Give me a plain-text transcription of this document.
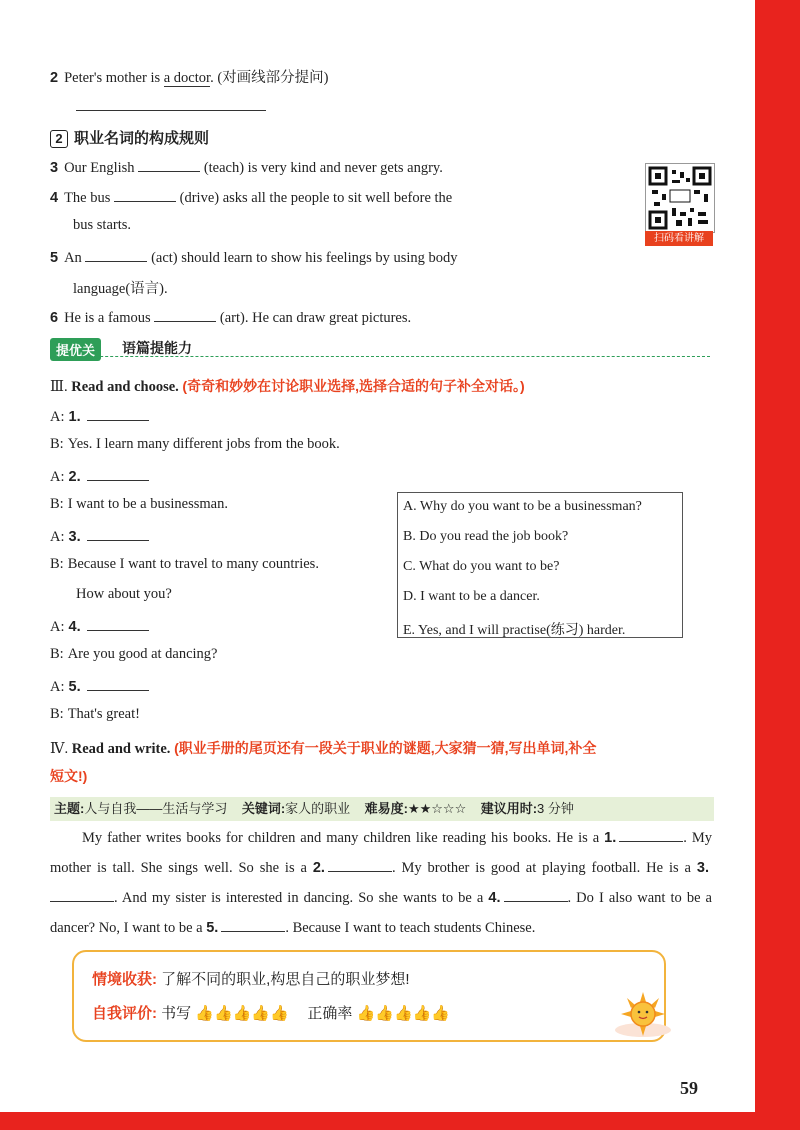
2 Peter's mother is a doctor. (对画线部分提问)
2 职业名词的构成规则
3 Our English	(teach) is very kind and never gets angry.
4 The bus	(drive) asks all the people to sit well before the
bus starts.
5 An	(act) should learn to show his feelings by using body
language(语言).
6 He is a famous	(art). He can draw great pictures.
扫码看讲解
提优关	语篇提能力
Ⅲ. Read and choose. (奇奇和妙妙在讨论职业选择,选择合适的句子补全对话。)
A: 1.
B: Yes. I learn many different jobs from the book.
A: 2.
B: I want to be a businessman.
A: 3.
B: Because I want to travel to many countries.
How about you?
A: 4.
B: Are you good at dancing?
A: 5.
B: That's great!
A. Why do you want to be a businessman?
B. Do you read the job book?
C. What do you want to be?
D. I want to be a dancer.
E. Yes, and I will practise(练习) harder.
Ⅳ. Read and write. (职业手册的尾页还有一段关于职业的谜题,大家猜一猜,写出单词,补全
短文!)
主题:人与自我——生活与学习 关键词:家人的职业 难易度:★★☆☆☆ 建议用时:3 分钟
My father writes books for children and many children like reading his books. He is a 1.	. My mother is tall. She sings well. So she is a 2.	. My brother is good at playing football. He is a 3.. And my sister is interested in dancing. So she wants to be a 4.	. Do I also want to be a dancer? No, I want to be a 5.	. Because I want to teach students Chinese.
情境收获: 了解不同的职业,构思自己的职业梦想!
自我评价: 书写 👍👍👍👍👍 正确率 👍👍👍👍👍
59
